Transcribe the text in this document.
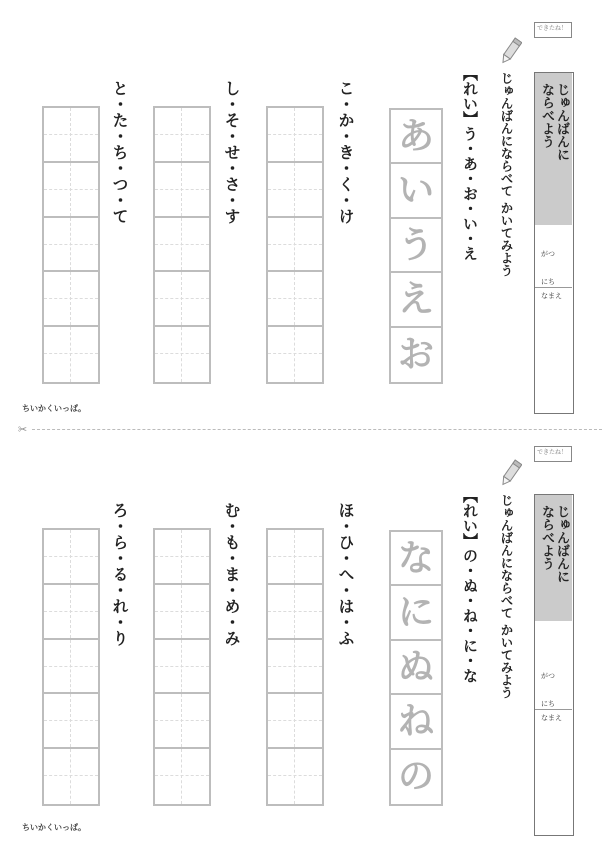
できたね！
じゅんばんに
ならべよう
がつ
にち
なまえ
じゅんばんにならべて かいてみよう
【れい】う・あ・お・い・え
あ
い
う
え
お
こ・か・き・く・け
し・そ・せ・さ・す
と・た・ち・つ・て
ちいかくいっぱ。
✂
できたね！
じゅんばんに
ならべよう
がつ
にち
なまえ
じゅんばんにならべて かいてみよう
【れい】の・ぬ・ね・に・な
な
に
ぬ
ね
の
ほ・ひ・へ・は・ふ
む・も・ま・め・み
ろ・ら・る・れ・り
ちいかくいっぱ。
